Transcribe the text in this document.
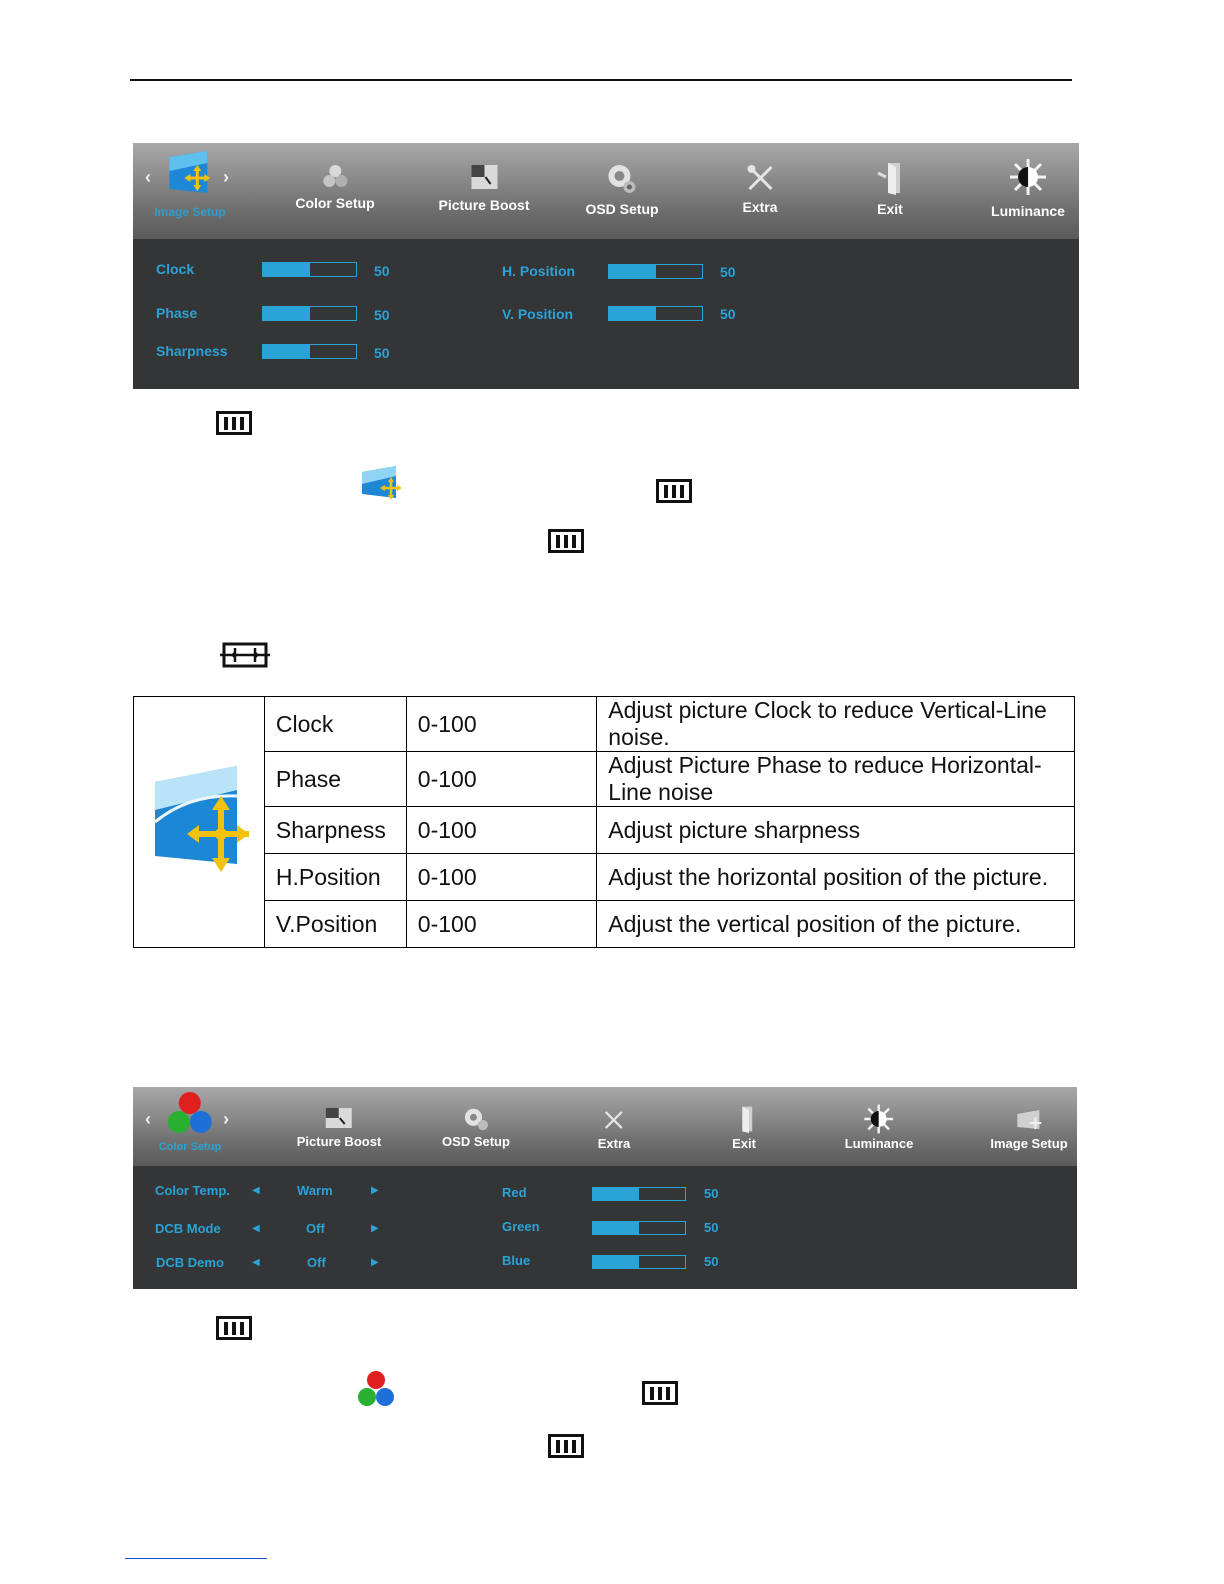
‹	›
Image Setup
Color Setup	Picture Boost	OSD Setup	Extra	Exit	Luminance
Clock	50
Phase	50
Sharpness	50
H. Position	50
V. Position	50
	Clock	0-100	Adjust picture Clock to reduce Vertical-Line noise.
	Phase	0-100	Adjust Picture Phase to reduce Horizontal-Line noise
	Sharpness	0-100	Adjust picture sharpness
	H.Position	0-100	Adjust the horizontal position of the picture.
	V.Position	0-100	Adjust the vertical position of the picture.
‹	›
Color Setup	Picture Boost	OSD Setup	Extra	Exit	Luminance	Image Setup
Color Temp. ◀	Warm	▶
DCB Mode	◀	Off	▶
DCB Demo	◀	Off	▶
Red	50
Green	50
Blue	50
